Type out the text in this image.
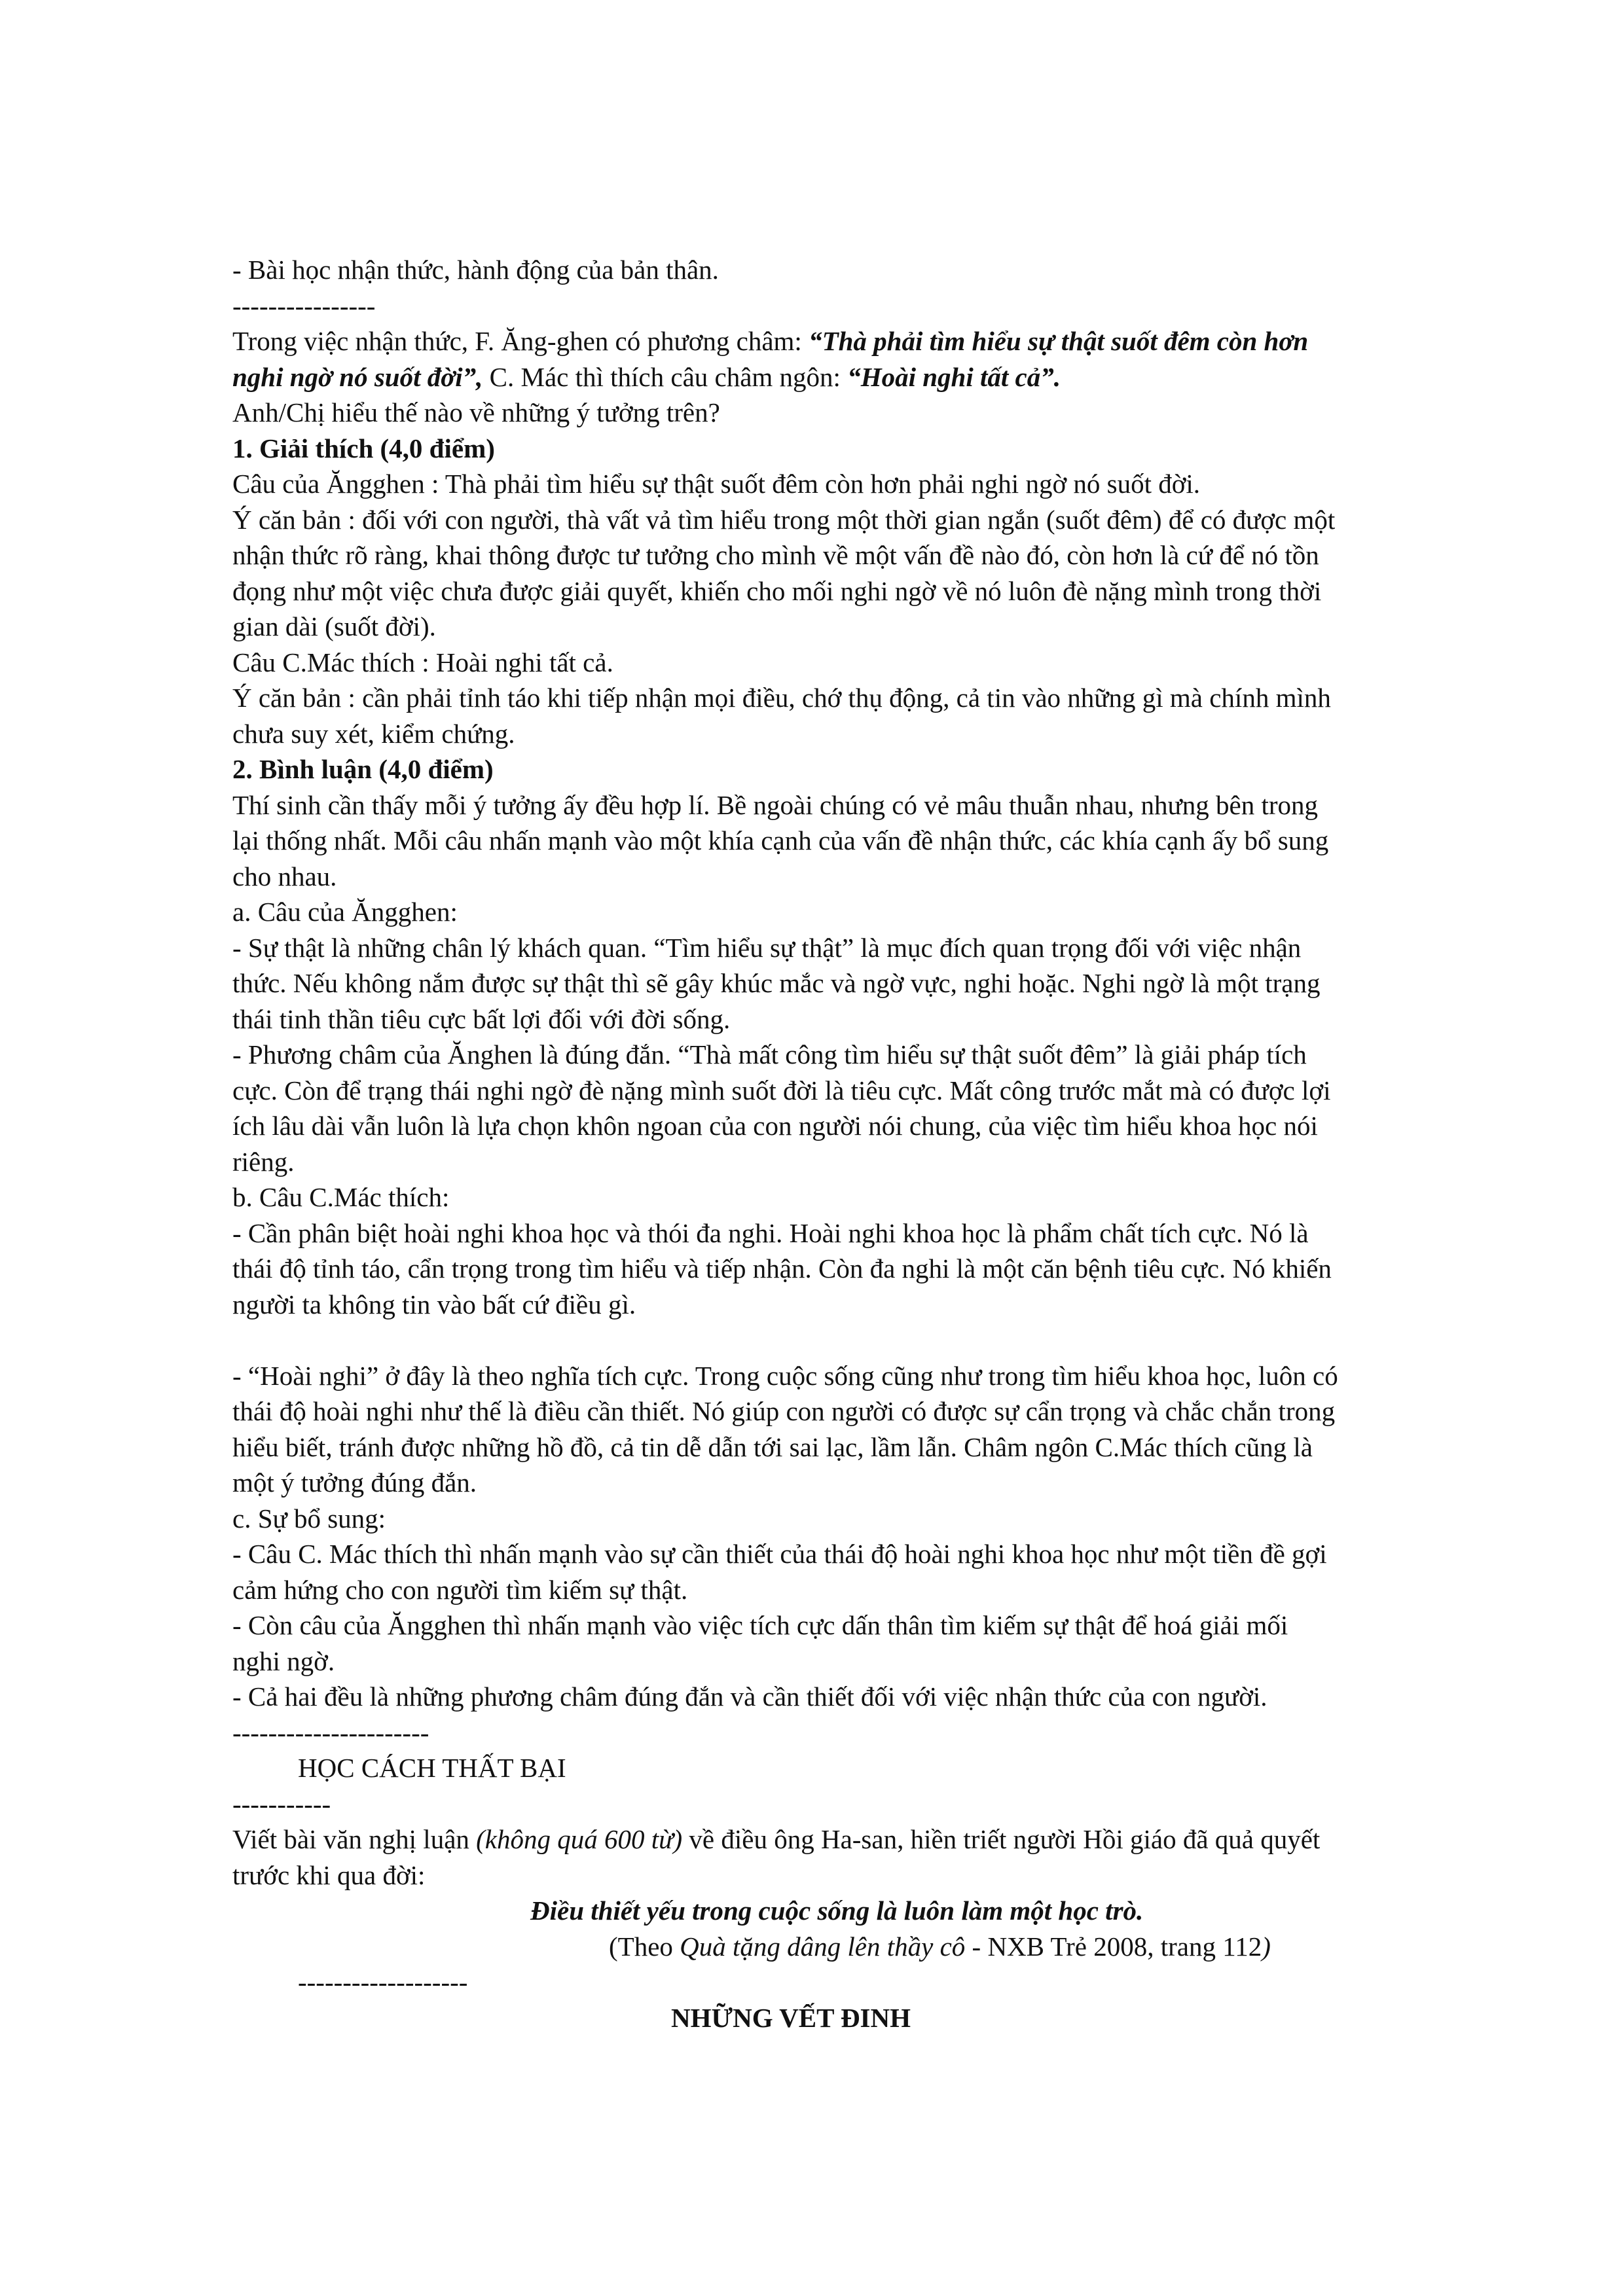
- Bài học nhận thức, hành động của bản thân.
----------------
Trong việc nhận thức, F. Ăng-ghen có phương châm: “Thà phải tìm hiểu sự thật suốt đêm còn hơn
nghi ngờ nó suốt đời”, C. Mác thì thích câu châm ngôn: “Hoài nghi tất cả”.
Anh/Chị hiểu thế nào về những ý tưởng trên?
1. Giải thích (4,0 điểm)
Câu của Ăngghen : Thà phải tìm hiểu sự thật suốt đêm còn hơn phải nghi ngờ nó suốt đời.
Ý căn bản : đối với con người, thà vất vả tìm hiểu trong một thời gian ngắn (suốt đêm) để có được một
nhận thức rõ ràng, khai thông được tư tưởng cho mình về một vấn đề nào đó, còn hơn là cứ để nó tồn
đọng như một việc chưa được giải quyết, khiến cho mối nghi ngờ về nó luôn đè nặng mình trong thời
gian dài (suốt đời).
Câu C.Mác thích : Hoài nghi tất cả.
Ý căn bản : cần phải tỉnh táo khi tiếp nhận mọi điều, chớ thụ động, cả tin vào những gì mà chính mình
chưa suy xét, kiểm chứng.
2. Bình luận (4,0 điểm)
Thí sinh cần thấy mỗi ý tưởng ấy đều hợp lí. Bề ngoài chúng có vẻ mâu thuẫn nhau, nhưng bên trong
lại thống nhất. Mỗi câu nhấn mạnh vào một khía cạnh của vấn đề nhận thức, các khía cạnh ấy bổ sung
cho nhau.
a. Câu của Ăngghen:
- Sự thật là những chân lý khách quan. “Tìm hiểu sự thật” là mục đích quan trọng đối với việc nhận
thức. Nếu không nắm được sự thật thì sẽ gây khúc mắc và ngờ vực, nghi hoặc. Nghi ngờ là một trạng
thái tinh thần tiêu cực bất lợi đối với đời sống.
- Phương châm của Ănghen là đúng đắn. “Thà mất công tìm hiểu sự thật suốt đêm” là giải pháp tích
cực. Còn để trạng thái nghi ngờ đè nặng mình suốt đời là tiêu cực. Mất công trước mắt mà có được lợi
ích lâu dài vẫn luôn là lựa chọn khôn ngoan của con người nói chung, của việc tìm hiểu khoa học nói
riêng.
b. Câu C.Mác thích:
- Cần phân biệt hoài nghi khoa học và thói đa nghi. Hoài nghi khoa học là phẩm chất tích cực. Nó là
thái độ tỉnh táo, cẩn trọng trong tìm hiểu và tiếp nhận. Còn đa nghi là một căn bệnh tiêu cực. Nó khiến
người ta không tin vào bất cứ điều gì.
- “Hoài nghi” ở đây là theo nghĩa tích cực. Trong cuộc sống cũng như trong tìm hiểu khoa học, luôn có
thái độ hoài nghi như thế là điều cần thiết. Nó giúp con người có được sự cẩn trọng và chắc chắn trong
hiểu biết, tránh được những hồ đồ, cả tin dễ dẫn tới sai lạc, lầm lẫn. Châm ngôn C.Mác thích cũng là
một ý tưởng đúng đắn.
c. Sự bổ sung:
- Câu C. Mác thích thì nhấn mạnh vào sự cần thiết của thái độ hoài nghi khoa học như một tiền đề gợi
cảm hứng cho con người tìm kiếm sự thật.
- Còn câu của Ăngghen thì nhấn mạnh vào việc tích cực dấn thân tìm kiếm sự thật để hoá giải mối
nghi ngờ.
- Cả hai đều là những phương châm đúng đắn và cần thiết đối với việc nhận thức của con người.
----------------------
HỌC CÁCH THẤT BẠI
-----------
Viết bài văn nghị luận (không quá 600 từ) về điều ông Ha-san, hiền triết người Hồi giáo đã quả quyết
trước khi qua đời:
Điều thiết yếu trong cuộc sống là luôn làm một học trò.
(Theo Quà tặng dâng lên thầy cô - NXB Trẻ 2008, trang 112)
-------------------
NHỮNG VẾT ĐINH
